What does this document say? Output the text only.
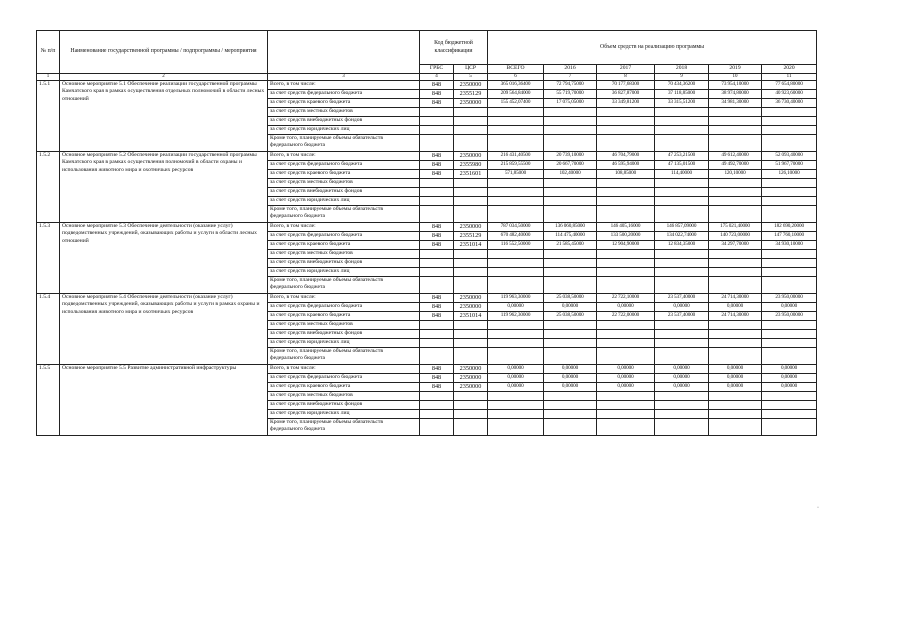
№ п/п	Наименование государственной программы / подпрограммы / мероприятия		Код бюджетной классификации		Объем средств на реализацию программы					
			ГРБС	ЦСР	ВСЕГО	2016	2017	2018	2019	2020
1	2	3	4	5	6	7	8	9	10	11
1.5.1	Основное мероприятие 5.1 Обеспечение реализации государственной программы Камчатского края в рамках осуществления отдельных полномочий в области лесных отношений	Всего, в том числе:	848	2350000	365 016,36400	72 794,75000	70 177,68300	70 434,36200	73 954,10000	77 654,80000
		за счет средств федерального бюджета	848	2355129	209 564,84000	55 719,70000	36 827,87000	37 118,85000	38 974,80000	40 923,60000
		за счет средств краевого бюджета	848	2350000	155 452,07400	17 075,05000	33 349,81200	33 315,51200	34 981,30000	36 730,40000
		за счет средств местных бюджетов								
		за счет средств внебюджетных фондов								
		за счет средств юридических лиц								
		Кроме того, планируемые объемы обязательств федерального бюджета								
1.5.2	Основное мероприятие 5.2 Обеспечение реализации государственной программы Камчатского края в рамках осуществления полномочий в области охраны и использования животного мира и охотничьих ресурсов	Всего, в том числе:	848	2350000	216 431,40500	20 739,10000	46 704,79000	47 253,21500	49 612,40000	52 093,40000
		за счет средств федерального бюджета	848	2355980	215 859,55500	20 667,70000	46 595,94000	47 135,01500	49 492,70000	51 967,70000
		за счет средств краевого бюджета	848	2351601	571,85000	102,40000	108,85000	114,40000	120,10000	126,10000
		за счет средств местных бюджетов								
		за счет средств внебюджетных фондов								
		за счет средств юридических лиц								
		Кроме того, планируемые объемы обязательств федерального бюджета								
1.5.3	Основное мероприятие 5.3 Обеспечение деятельности (оказание услуг) подведомственных учреждений, оказывающих работы и услуги в области лесных отношений	Всего, в том числе:	848	2350000	787 034,50000	136 060,85000	146 405,16000	146 857,09000	175 021,40000	182 690,20000
		за счет средств федерального бюджета	848	2355129	670 482,40000	114 475,40000	133 500,20000	134 022,74000	140 723,00000	147 760,10000
		за счет средств краевого бюджета	848	2351014	116 552,50000	21 585,45000	12 904,90000	12 834,35000	34 297,70000	34 930,10000
		за счет средств местных бюджетов								
		за счет средств внебюджетных фондов								
		за счет средств юридических лиц								
		Кроме того, планируемые объемы обязательств федерального бюджета								
1.5.4	Основное мероприятие 5.4 Обеспечение деятельности (оказание услуг) подведомственных учреждений, оказывающих работы и услуги в рамках охраны и использования животного мира и охотничьих ресурсов	Всего, в том числе:	848	2350000	119 963,30000	25 038,50000	22 722,10000	23 537,40000	24 714,30000	23 950,00000
		за счет средств федерального бюджета	848	2350000	0,00000	0,00000	0,00000	0,00000	0,00000	0,00000
		за счет средств краевого бюджета	848	2351014	119 962,30000	25 038,50000	22 722,00000	23 537,40000	24 714,30000	23 950,00000
		за счет средств местных бюджетов								
		за счет средств внебюджетных фондов								
		за счет средств юридических лиц								
		Кроме того, планируемые объемы обязательств федерального бюджета								
1.5.5	Основное мероприятие 5.5 Развитие административной инфраструктуры	Всего, в том числе:	848	2350000	0,00000	0,00000	0,00000	0,00000	0,00000	0,00000
		за счет средств федерального бюджета	848	2350000	0,00000	0,00000	0,00000	0,00000	0,00000	0,00000
		за счет средств краевого бюджета	848	2350000	0,00000	0,00000	0,00000	0,00000	0,00000	0,00000
		за счет средств местных бюджетов								
		за счет средств внебюджетных фондов								
		за счет средств юридических лиц								
		Кроме того, планируемые объемы обязательств федерального бюджета								
·
